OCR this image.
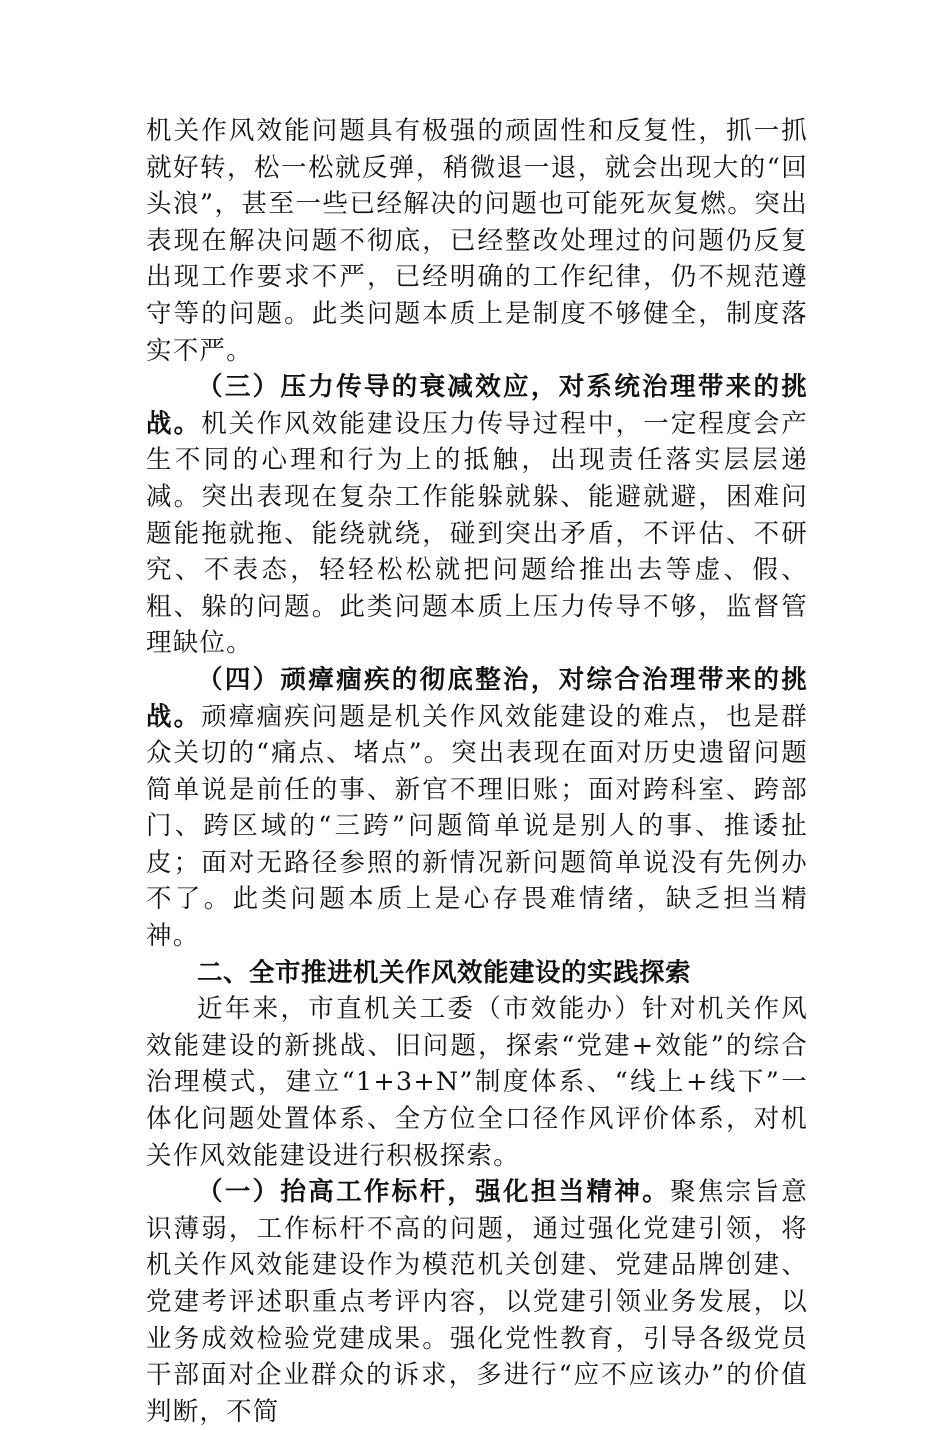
机关作风效能问题具有极强的顽固性和反复性，抓一抓就好转，松一松就反弹，稍微退一退，就会出现大的“回头浪”，甚至一些已经解决的问题也可能死灰复燃。突出表现在解决问题不彻底，已经整改处理过的问题仍反复出现工作要求不严，已经明确的工作纪律，仍不规范遵守等的问题。此类问题本质上是制度不够健全，制度落实不严。

（三）压力传导的衰减效应，对系统治理带来的挑战。机关作风效能建设压力传导过程中，一定程度会产生不同的心理和行为上的抵触，出现责任落实层层递减。突出表现在复杂工作能躲就躲、能避就避，困难问题能拖就拖、能绕就绕，碰到突出矛盾，不评估、不研究、不表态，轻轻松松就把问题给推出去等虚、假、粗、躲的问题。此类问题本质上压力传导不够，监督管理缺位。

（四）顽瘴痼疾的彻底整治，对综合治理带来的挑战。顽瘴痼疾问题是机关作风效能建设的难点，也是群众关切的“痛点、堵点”。突出表现在面对历史遗留问题简单说是前任的事、新官不理旧账；面对跨科室、跨部门、跨区域的“三跨”问题简单说是别人的事、推诿扯皮；面对无路径参照的新情况新问题简单说没有先例办不了。此类问题本质上是心存畏难情绪，缺乏担当精神。

二、全市推进机关作风效能建设的实践探索

近年来，市直机关工委（市效能办）针对机关作风效能建设的新挑战、旧问题，探索“党建+效能”的综合治理模式，建立“1+3+N”制度体系、“线上+线下”一体化问题处置体系、全方位全口径作风评价体系，对机关作风效能建设进行积极探索。

（一）抬高工作标杆，强化担当精神。聚焦宗旨意识薄弱，工作标杆不高的问题，通过强化党建引领，将机关作风效能建设作为模范机关创建、党建品牌创建、党建考评述职重点考评内容，以党建引领业务发展，以业务成效检验党建成果。强化党性教育，引导各级党员干部面对企业群众的诉求，多进行“应不应该办”的价值判断，不简
